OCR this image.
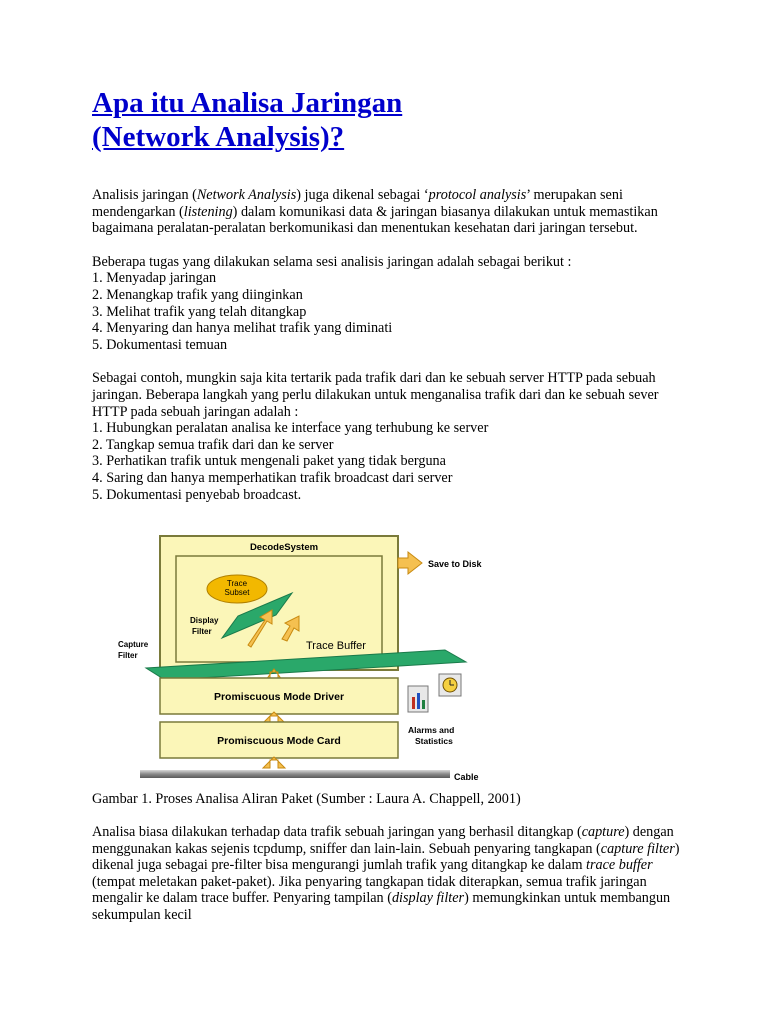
Apa itu Analisa Jaringan
(Network Analysis)?

Analisis jaringan (Network Analysis) juga dikenal sebagai ‘protocol analysis’ merupakan seni mendengarkan (listening) dalam komunikasi data & jaringan biasanya dilakukan untuk memastikan bagaimana peralatan-peralatan berkomunikasi dan menentukan kesehatan dari jaringan tersebut.

Beberapa tugas yang dilakukan selama sesi analisis jaringan adalah sebagai berikut :

1. Menyadap jaringan
2. Menangkap trafik yang diinginkan
3. Melihat trafik yang telah ditangkap
4. Menyaring dan hanya melihat trafik yang diminati
5. Dokumentasi temuan

Sebagai contoh, mungkin saja kita tertarik pada trafik dari dan ke sebuah server HTTP pada sebuah jaringan. Beberapa langkah yang perlu dilakukan untuk menganalisa trafik dari dan ke sebuah sever HTTP pada sebuah jaringan adalah :

1. Hubungkan peralatan analisa ke interface yang terhubung ke server
2. Tangkap semua trafik dari dan ke server
3. Perhatikan trafik untuk mengenali paket yang tidak berguna
4. Saring dan hanya memperhatikan trafik broadcast dari server
5. Dokumentasi penyebab broadcast.
DecodeSystem
Save to Disk
Trace
Subset
Display
Filter
Trace Buffer
Capture
Filter
Promiscuous Mode Driver
Promiscuous Mode Card
Cable
Alarms and
Statistics
Gambar 1. Proses Analisa Aliran Paket (Sumber : Laura A. Chappell, 2001)

Analisa biasa dilakukan terhadap data trafik sebuah jaringan yang berhasil ditangkap (capture) dengan menggunakan kakas sejenis tcpdump, sniffer dan lain-lain. Sebuah penyaring tangkapan (capture filter) dikenal juga sebagai pre-filter bisa mengurangi jumlah trafik yang ditangkap ke dalam trace buffer (tempat meletakan paket-paket). Jika penyaring tangkapan tidak diterapkan, semua trafik jaringan mengalir ke dalam trace buffer. Penyaring tampilan (display filter) memungkinkan untuk membangun sekumpulan kecil
